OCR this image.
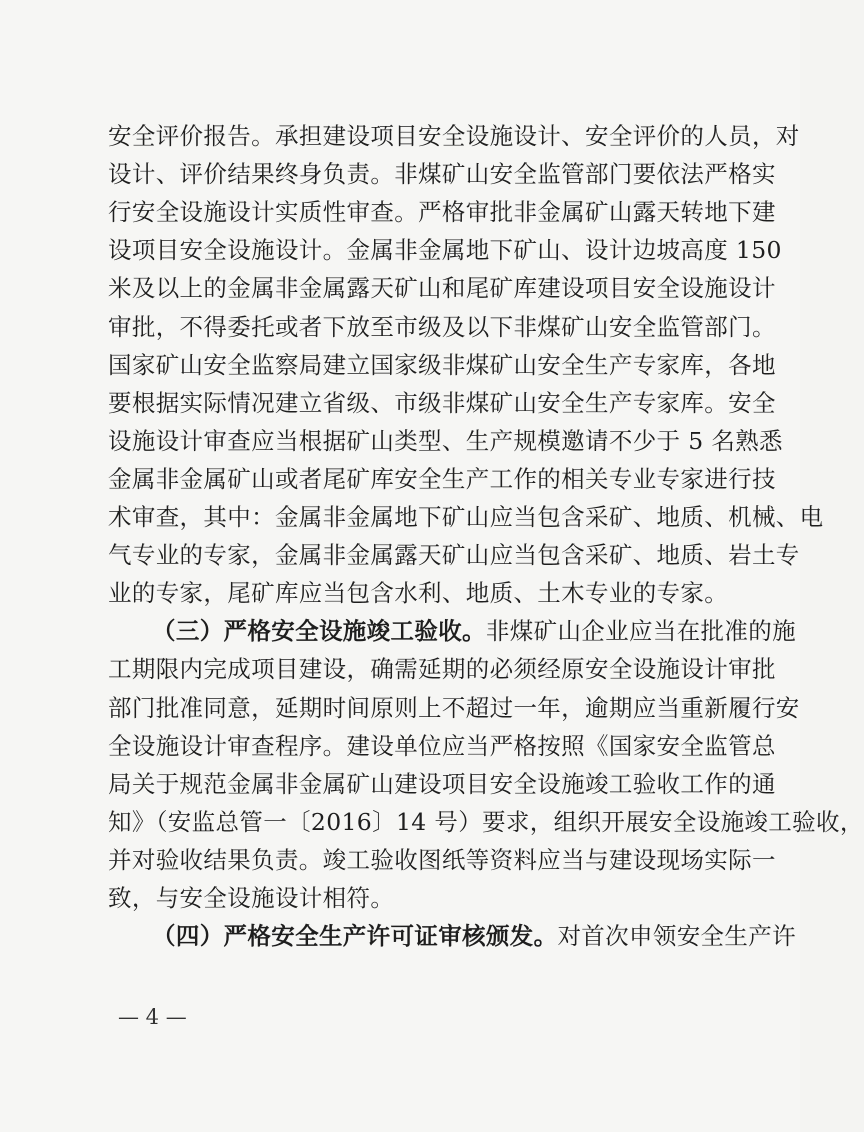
安全评价报告。承担建设项目安全设施设计、安全评价的人员，对
设计、评价结果终身负责。非煤矿山安全监管部门要依法严格实
行安全设施设计实质性审查。严格审批非金属矿山露天转地下建
设项目安全设施设计。金属非金属地下矿山、设计边坡高度 150
米及以上的金属非金属露天矿山和尾矿库建设项目安全设施设计
审批，不得委托或者下放至市级及以下非煤矿山安全监管部门。
国家矿山安全监察局建立国家级非煤矿山安全生产专家库，各地
要根据实际情况建立省级、市级非煤矿山安全生产专家库。安全
设施设计审查应当根据矿山类型、生产规模邀请不少于 5 名熟悉
金属非金属矿山或者尾矿库安全生产工作的相关专业专家进行技
术审查，其中：金属非金属地下矿山应当包含采矿、地质、机械、电
气专业的专家，金属非金属露天矿山应当包含采矿、地质、岩土专
业的专家，尾矿库应当包含水利、地质、土木专业的专家。
（三）严格安全设施竣工验收。非煤矿山企业应当在批准的施
工期限内完成项目建设，确需延期的必须经原安全设施设计审批
部门批准同意，延期时间原则上不超过一年，逾期应当重新履行安
全设施设计审查程序。建设单位应当严格按照《国家安全监管总
局关于规范金属非金属矿山建设项目安全设施竣工验收工作的通
知》（安监总管一〔2016〕14 号）要求，组织开展安全设施竣工验收，
并对验收结果负责。竣工验收图纸等资料应当与建设现场实际一
致，与安全设施设计相符。
（四）严格安全生产许可证审核颁发。对首次申领安全生产许
— 4 —
